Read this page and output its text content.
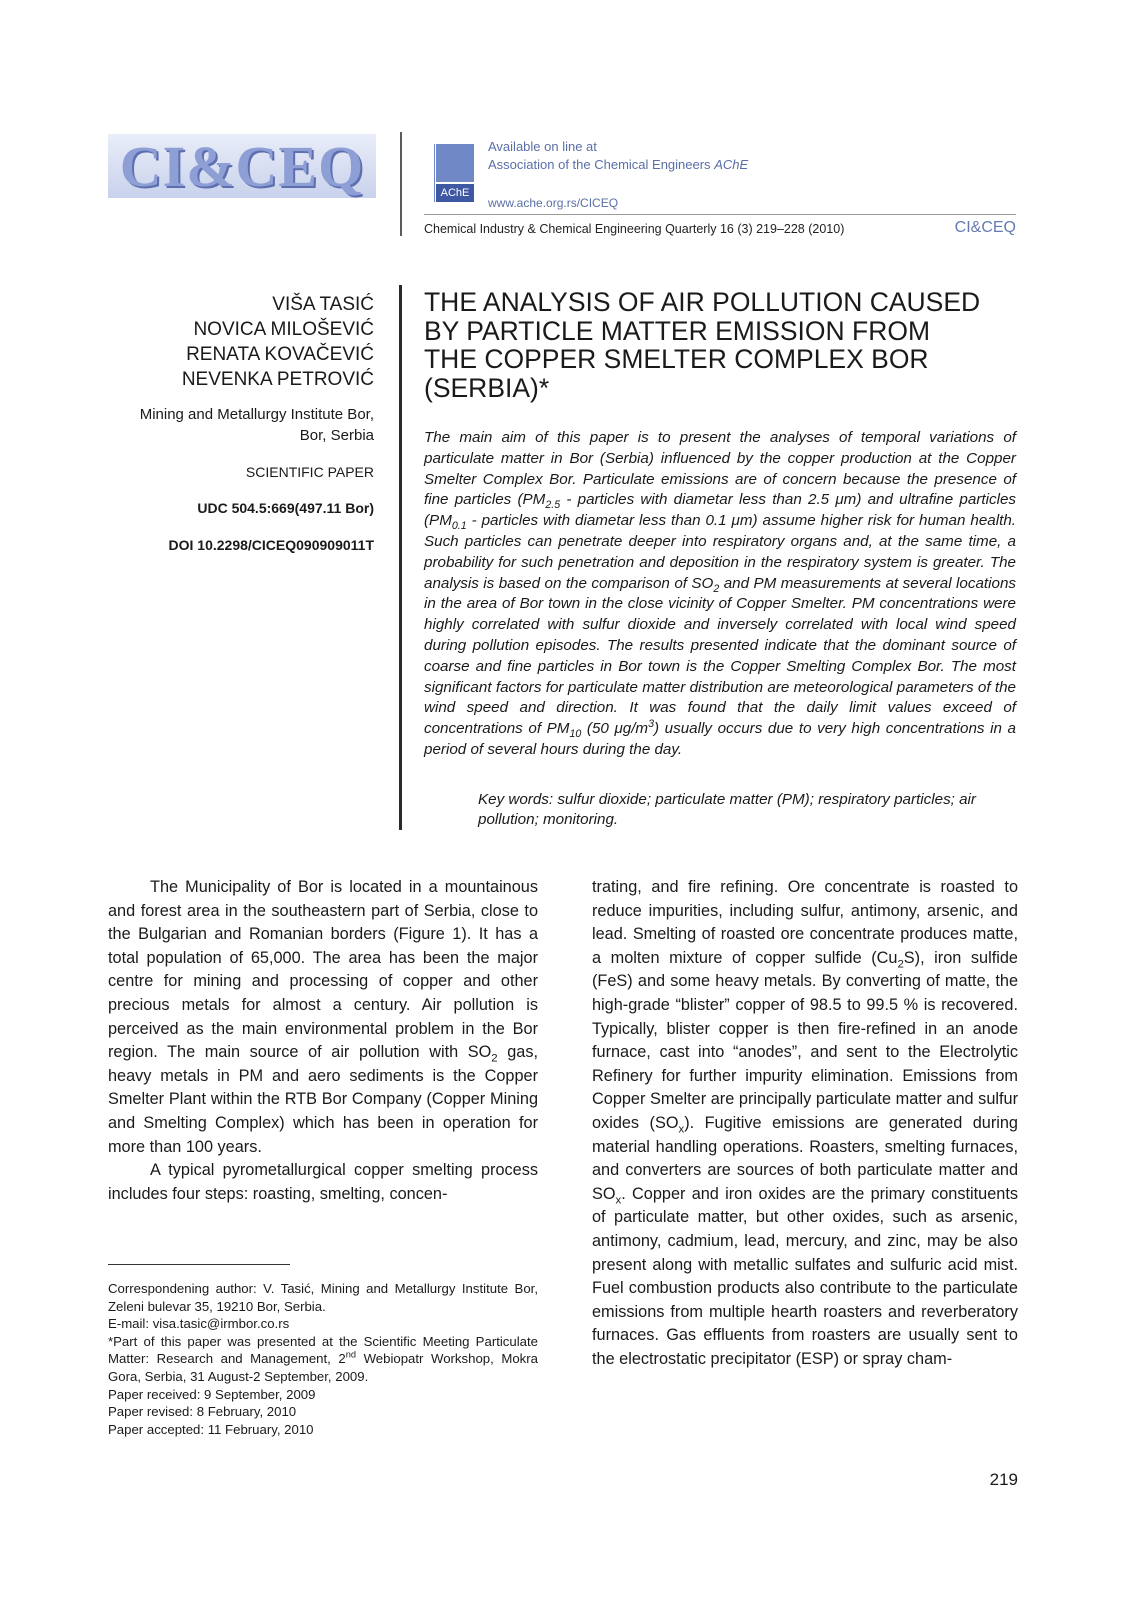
CI&CEQ	AChE
Available on line at
Association of the Chemical Engineers AChE
www.ache.org.rs/CICEQ
Chemical Industry & Chemical Engineering Quarterly 16 (3) 219–228 (2010)	CI&CEQ
VIŠA TASIĆ
NOVICA MILOŠEVIĆ
RENATA KOVAČEVIĆ
NEVENKA PETROVIĆ
Mining and Metallurgy Institute Bor,
Bor, Serbia
SCIENTIFIC PAPER
UDC 504.5:669(497.11 Bor)
DOI 10.2298/CICEQ090909011T
THE ANALYSIS OF AIR POLLUTION CAUSED
BY PARTICLE MATTER EMISSION FROM
THE COPPER SMELTER COMPLEX BOR
(SERBIA)*
The main aim of this paper is to present the analyses of temporal variations of particulate matter in Bor (Serbia) influenced by the copper production at the Copper Smelter Complex Bor. Particulate emissions are of concern because the presence of fine particles ($PM_{2.5}$ - particles with diametar less than 2.5 μm) and ultrafine particles ($PM_{0.1}$ - particles with diametar less than 0.1 μm) assume higher risk for human health. Such particles can penetrate deeper into respiratory organs and, at the same time, a probability for such penetration and deposition in the respiratory system is greater. The analysis is based on the comparison of $SO_2$ and PM measurements at several locations in the area of Bor town in the close vicinity of Copper Smelter. PM concentrations were highly correlated with sulfur dioxide and inversely correlated with local wind speed during pollution episodes. The results presented indicate that the dominant source of coarse and fine particles in Bor town is the Copper Smelting Complex Bor. The most significant factors for particulate matter distribution are meteorological parameters of the wind speed and direction. It was found that the daily limit values exceed of concentrations of $PM_{10}$ (50 $\mu g/m^3$) usually occurs due to very high concentrations in a period of several hours during the day.
Key words: sulfur dioxide; particulate matter (PM); respiratory particles; air pollution; monitoring.

The Municipality of Bor is located in a mountainous and forest area in the southeastern part of Serbia, close to the Bulgarian and Romanian borders (Figure 1). It has a total population of 65,000. The area has been the major centre for mining and processing of copper and other precious metals for almost a century. Air pollution is perceived as the main environmental problem in the Bor region. The main source of air pollution with $SO_2$ gas, heavy metals in PM and aero sediments is the Copper Smelter Plant within the RTB Bor Company (Copper Mining and Smelting Complex) which has been in operation for more than 100 years.

A typical pyrometallurgical copper smelting process includes four steps: roasting, smelting, concen-

trating, and fire refining. Ore concentrate is roasted to reduce impurities, including sulfur, antimony, arsenic, and lead. Smelting of roasted ore concentrate produces matte, a molten mixture of copper sulfide $(Cu_2S)$, iron sulfide (FeS) and some heavy metals. By converting of matte, the high-grade “blister” copper of 98.5 to 99.5 % is recovered. Typically, blister copper is then fire-refined in an anode furnace, cast into “anodes”, and sent to the Electrolytic Refinery for further impurity elimination. Emissions from Copper Smelter are principally particulate matter and sulfur oxides $(SO_x)$. Fugitive emissions are generated during material handling operations. Roasters, smelting furnaces, and converters are sources of both particulate matter and $SO_x$. Copper and iron oxides are the primary constituents of particulate matter, but other oxides, such as arsenic, antimony, cadmium, lead, mercury, and zinc, may be also present along with metallic sulfates and sulfuric acid mist. Fuel combustion products also contribute to the particulate emissions from multiple hearth roasters and reverberatory furnaces. Gas effluents from roasters are usually sent to the electrostatic precipitator (ESP) or spray cham-

Correspondening author: V. Tasić, Mining and Metallurgy Institute Bor, Zeleni bulevar 35, 19210 Bor, Serbia.
E-mail: visa.tasic@irmbor.co.rs
*Part of this paper was presented at the Scientific Meeting Particulate Matter: Research and Management, 2nd Webiopatr Workshop, Mokra Gora, Serbia, 31 August-2 September, 2009.
Paper received: 9 September, 2009
Paper revised: 8 February, 2010
Paper accepted: 11 February, 2010
219
